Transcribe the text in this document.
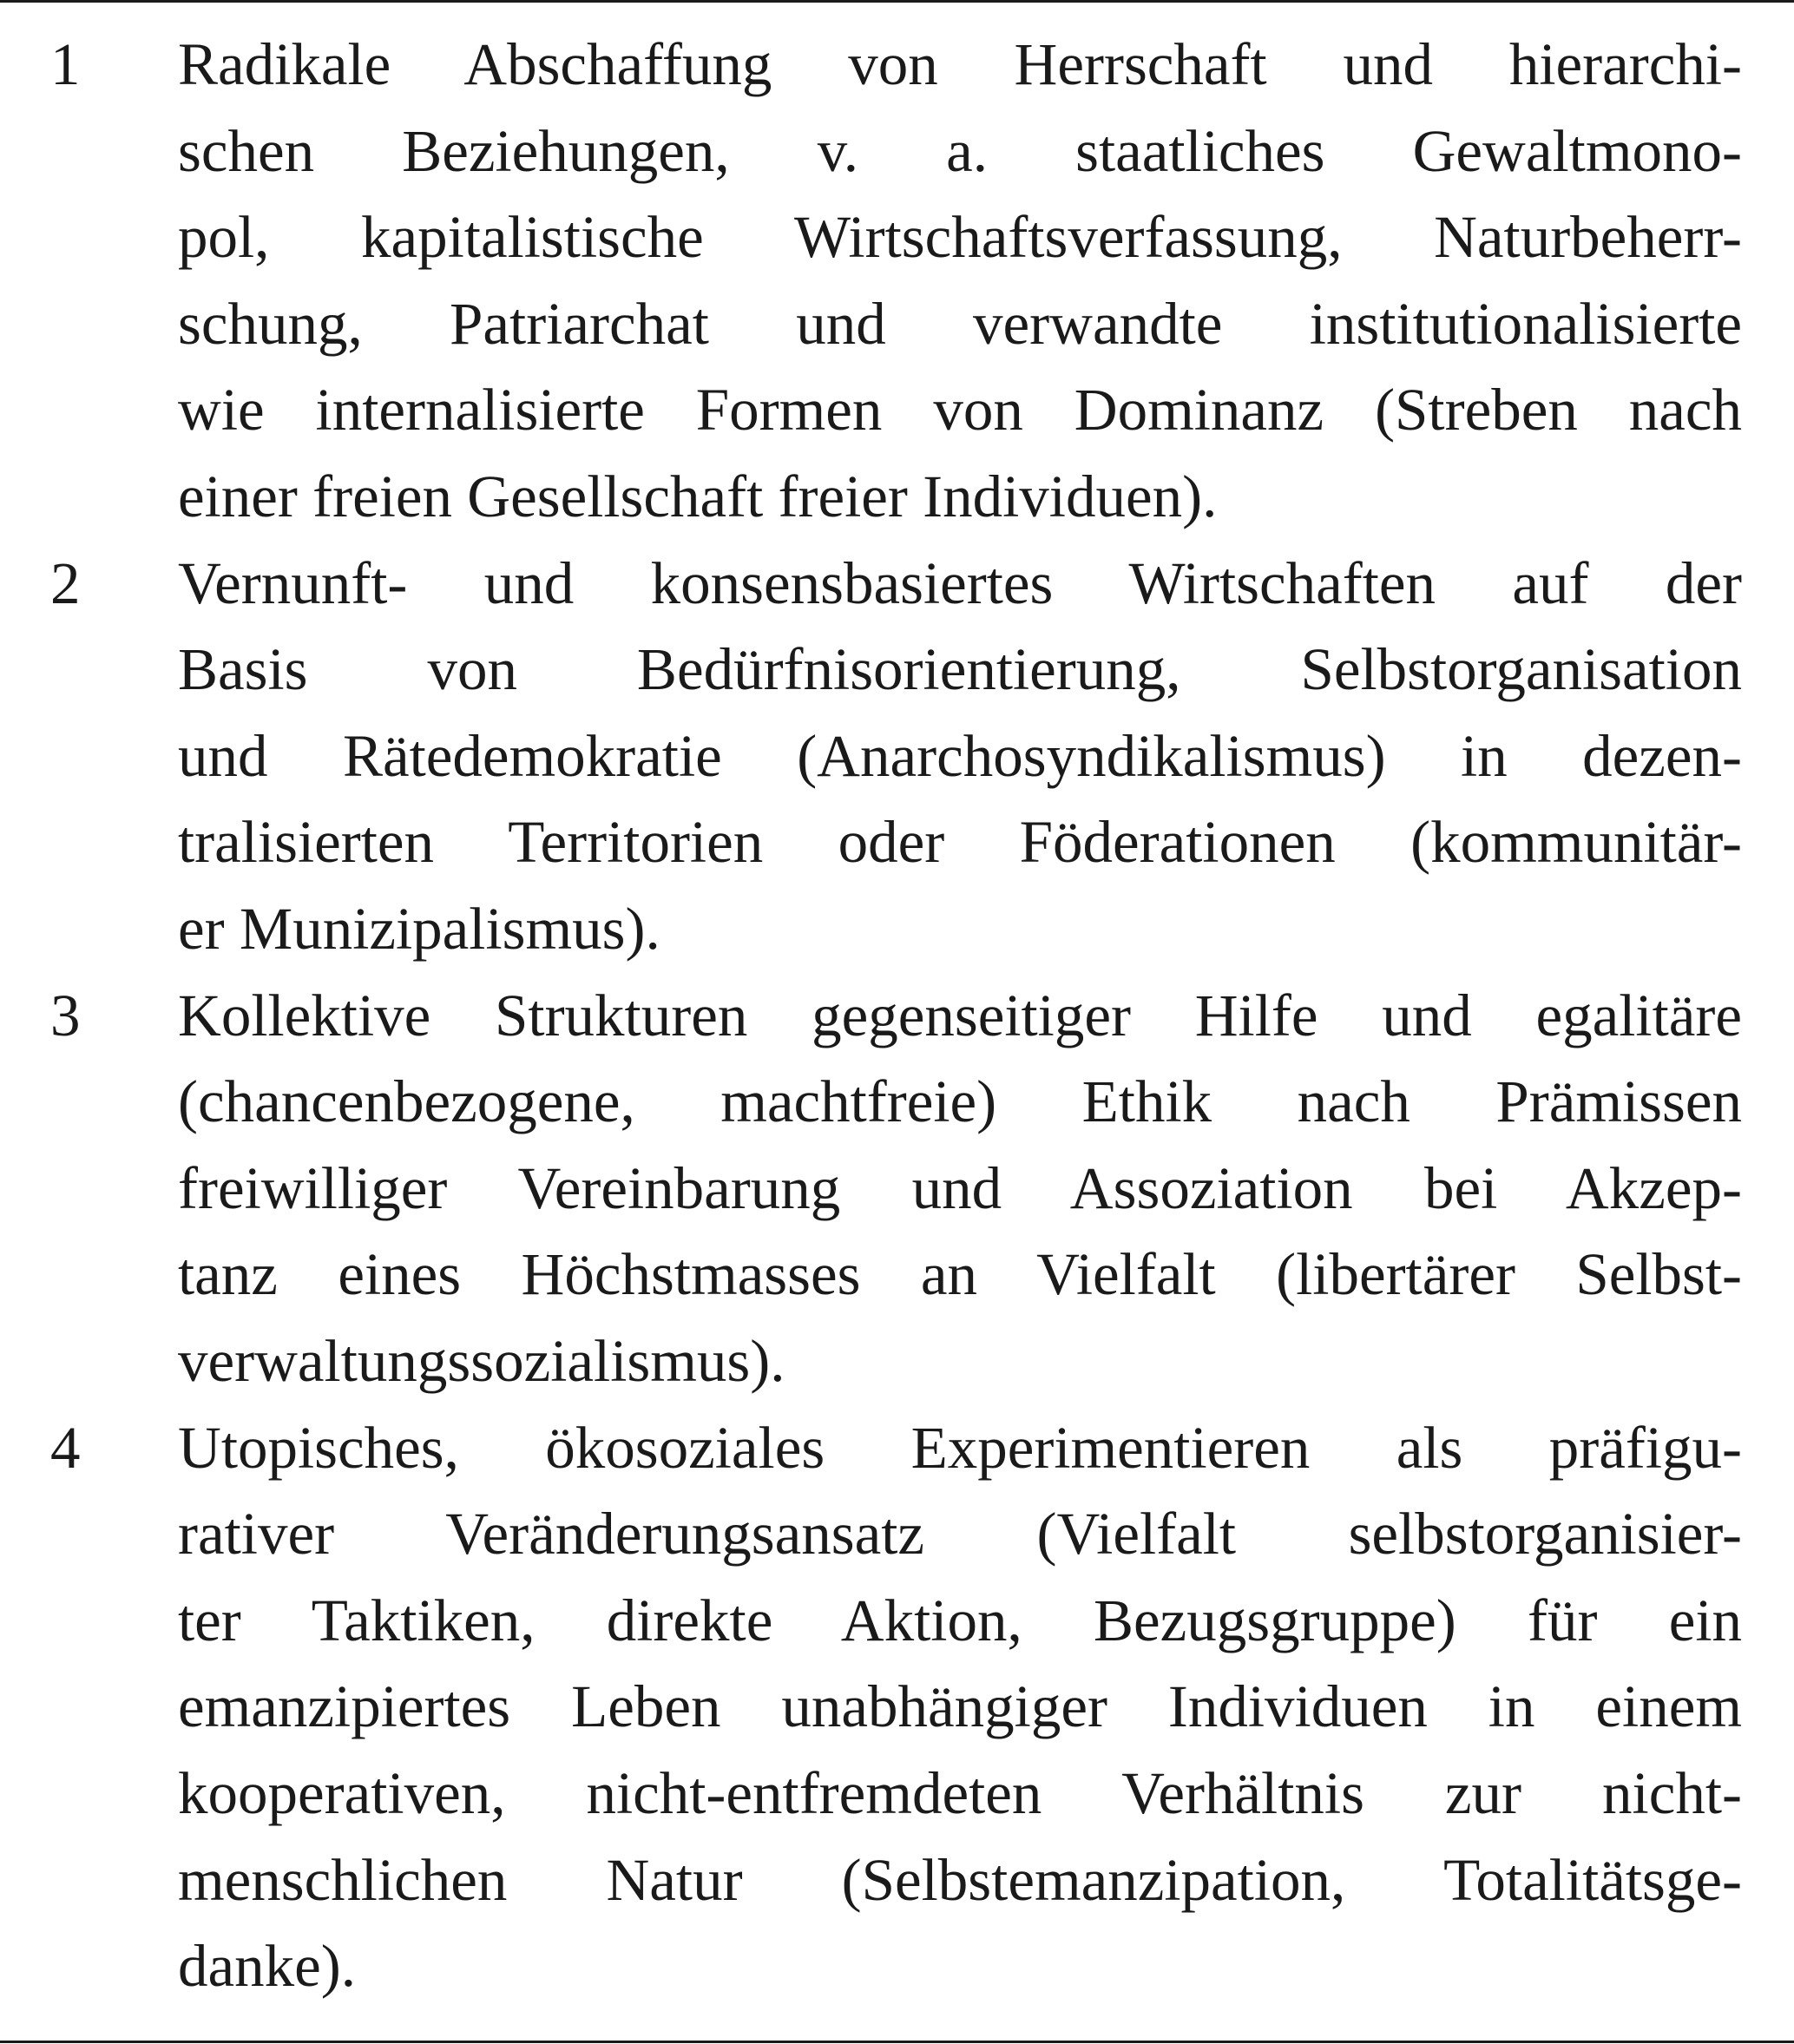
1 Radikale Abschaffung von Herrschaft und hierarchi-
schen Beziehungen, v. a. staatliches Gewaltmono-
pol, kapitalistische Wirtschaftsverfassung, Naturbeherr-
schung, Patriarchat und verwandte institutionalisierte
wie internalisierte Formen von Dominanz (Streben nach
einer freien Gesellschaft freier Individuen).
2 Vernunft- und konsensbasiertes Wirtschaften auf der
Basis von Bedürfnisorientierung, Selbstorganisation
und Rätedemokratie (Anarchosyndikalismus) in dezen-
tralisierten Territorien oder Föderationen (kommunitär-
er Munizipalismus).
3 Kollektive Strukturen gegenseitiger Hilfe und egalitäre
(chancenbezogene, machtfreie) Ethik nach Prämissen
freiwilliger Vereinbarung und Assoziation bei Akzep-
tanz eines Höchstmasses an Vielfalt (libertärer Selbst-
verwaltungssozialismus).
4 Utopisches, ökosoziales Experimentieren als präfigu-
rativer Veränderungsansatz (Vielfalt selbstorganisier-
ter Taktiken, direkte Aktion, Bezugsgruppe) für ein
emanzipiertes Leben unabhängiger Individuen in einem
kooperativen, nicht-entfremdeten Verhältnis zur nicht-
menschlichen Natur (Selbstemanzipation, Totalitätsge-
danke).
